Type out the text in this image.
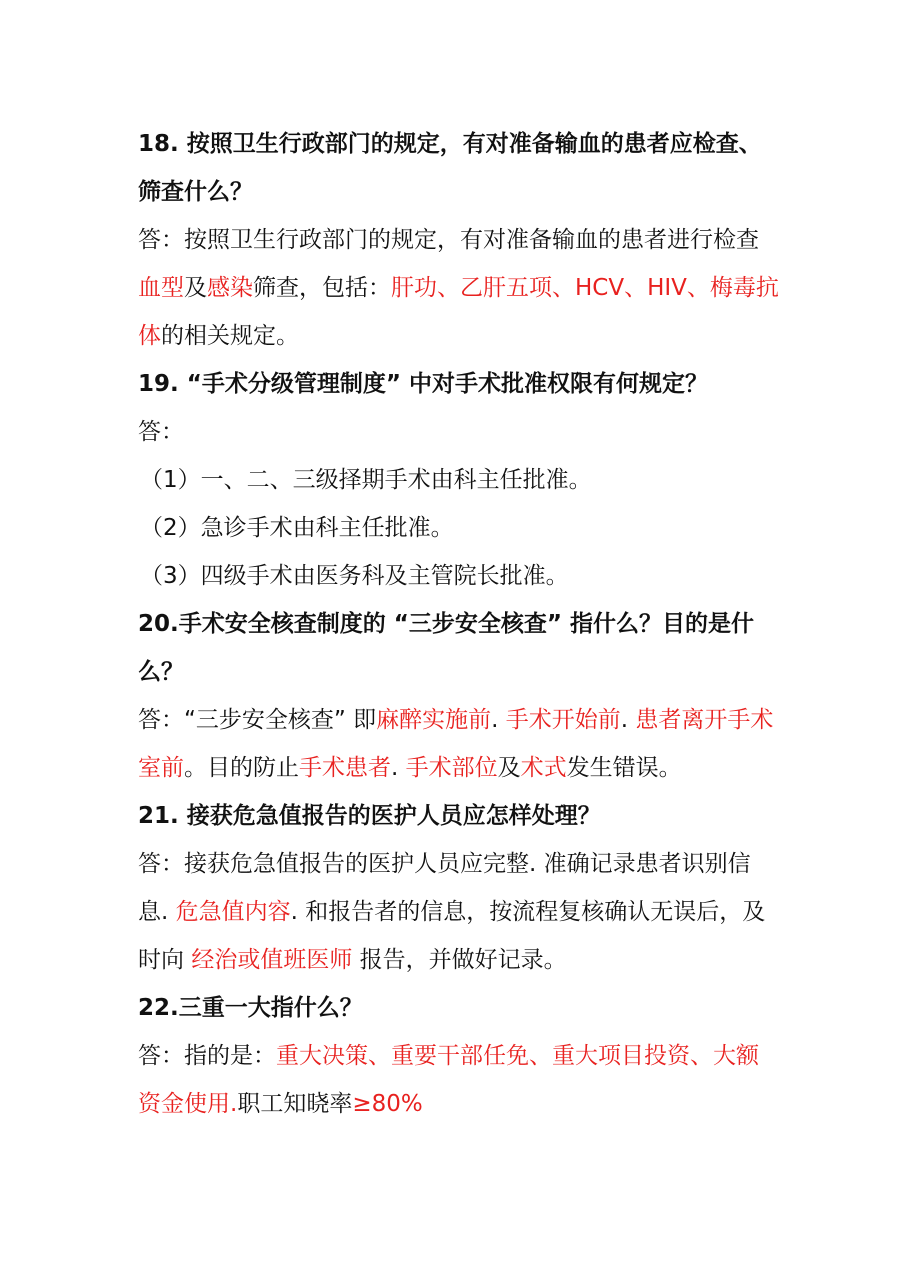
18. 按照卫生行政部门的规定，有对准备输血的患者应检查、筛查什么？

答：按照卫生行政部门的规定，有对准备输血的患者进行检查血型及感染筛查，包括：肝功、乙肝五项、HCV、HIV、梅毒抗体的相关规定。

19. “手术分级管理制度” 中对手术批准权限有何规定？

答：

（1）一、二、三级择期手术由科主任批准。

（2）急诊手术由科主任批准。

（3）四级手术由医务科及主管院长批准。

20.手术安全核查制度的 “三步安全核查” 指什么？目的是什么？

答：“三步安全核查” 即麻醉实施前. 手术开始前. 患者离开手术室前。目的防止手术患者. 手术部位及术式发生错误。

21. 接获危急值报告的医护人员应怎样处理？

答：接获危急值报告的医护人员应完整. 准确记录患者识别信息. 危急值内容. 和报告者的信息，按流程复核确认无误后，及时向 经治或值班医师 报告，并做好记录。

22.三重一大指什么？

答：指的是：重大决策、重要干部任免、重大项目投资、大额资金使用.职工知晓率≥80%
